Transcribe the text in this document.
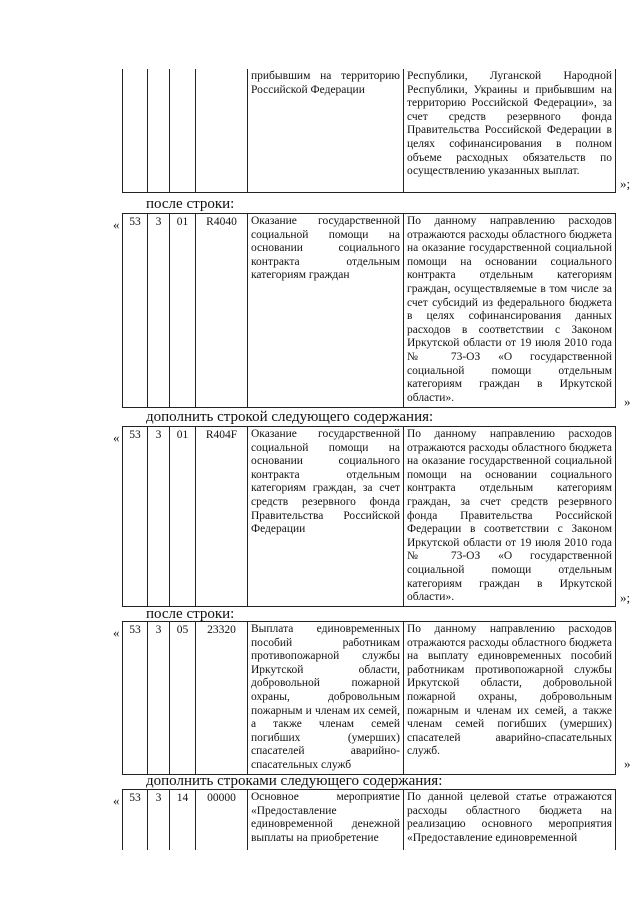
				прибывшим на территорию Российской Федерации	Республики, Луганской Народной Республики, Украины и прибывшим на территорию Российской Федерации», за счет средств резервного фонда Правительства Российской Федерации в целях софинансирования в полном объеме расходных обязательств по осуществлению указанных выплат.
»;
после строки:
« 53	3	01	R4040	Оказание государственной социальной помощи на основании социального контракта отдельным категориям граждан	По данному направлению расходов отражаются расходы областного бюджета на оказание государственной социальной помощи на основании социального контракта отдельным категориям граждан, осуществляемые в том числе за счет субсидий из федерального бюджета в целях софинансирования данных расходов в соответствии с Законом Иркутской области от 19 июля 2010 года № 73-ОЗ «О государственной социальной помощи отдельным категориям граждан в Иркутской области».	»
дополнить строкой следующего содержания:
« 53	3	01	R404F	Оказание государственной социальной помощи на основании социального контракта отдельным категориям граждан, за счет средств резервного фонда Правительства Российской Федерации	По данному направлению расходов отражаются расходы областного бюджета на оказание государственной социальной помощи на основании социального контракта отдельным категориям граждан, за счет средств резервного фонда Правительства Российской Федерации в соответствии с Законом Иркутской области от 19 июля 2010 года № 73-ОЗ «О государственной социальной помощи отдельным категориям граждан в Иркутской области».	»;
после строки:
« 53	3	05	23320	Выплата единовременных пособий работникам противопожарной службы Иркутской области, добровольной пожарной охраны, добровольным пожарным и членам их семей, а также членам семей погибших (умерших) спасателей аварийно-спасательных служб	По данному направлению расходов отражаются расходы областного бюджета на выплату единовременных пособий работникам противопожарной службы Иркутской области, добровольной пожарной охраны, добровольным пожарным и членам их семей, а также членам семей погибших (умерших) спасателей аварийно-спасательных служб.
»
дополнить строками следующего содержания:
« 53	3	14	00000	Основное мероприятие «Предоставление единовременной денежной выплаты на приобретение	По данной целевой статье отражаются расходы областного бюджета на реализацию основного мероприятия «Предоставление единовременной
